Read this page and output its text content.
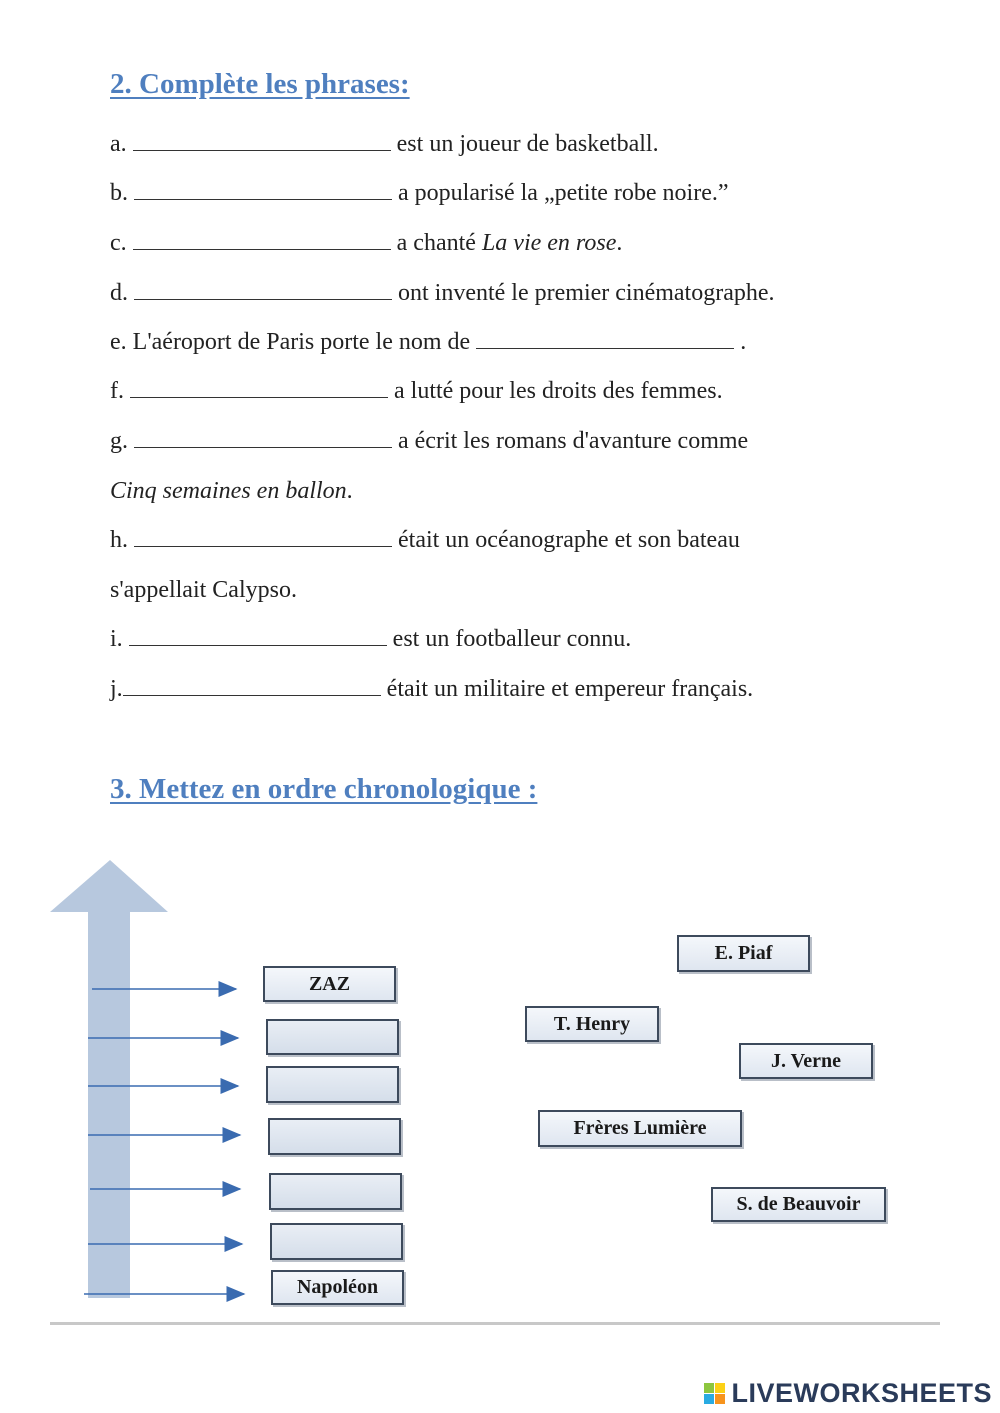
2. Complète les phrases:

a.	est un joueur de basketball.

b.	a popularisé la „petite robe noire.”

c.	a chanté La vie en rose.

d.	ont inventé le premier cinématographe.

e. L'aéroport de Paris porte le nom de	.

f.	a lutté pour les droits des femmes.

g.	a écrit les romans d'avanture comme

Cinq semaines en ballon.

h.	était un océanographe et son bateau

s'appellait Calypso.

i.	est un footballeur connu.

j.	était un militaire et empereur français.

3. Mettez en ordre chronologique :
ZAZ
Napoléon
E. Piaf
T. Henry
J. Verne
Frères Lumière
S. de Beauvoir
LIVEWORKSHEETS
